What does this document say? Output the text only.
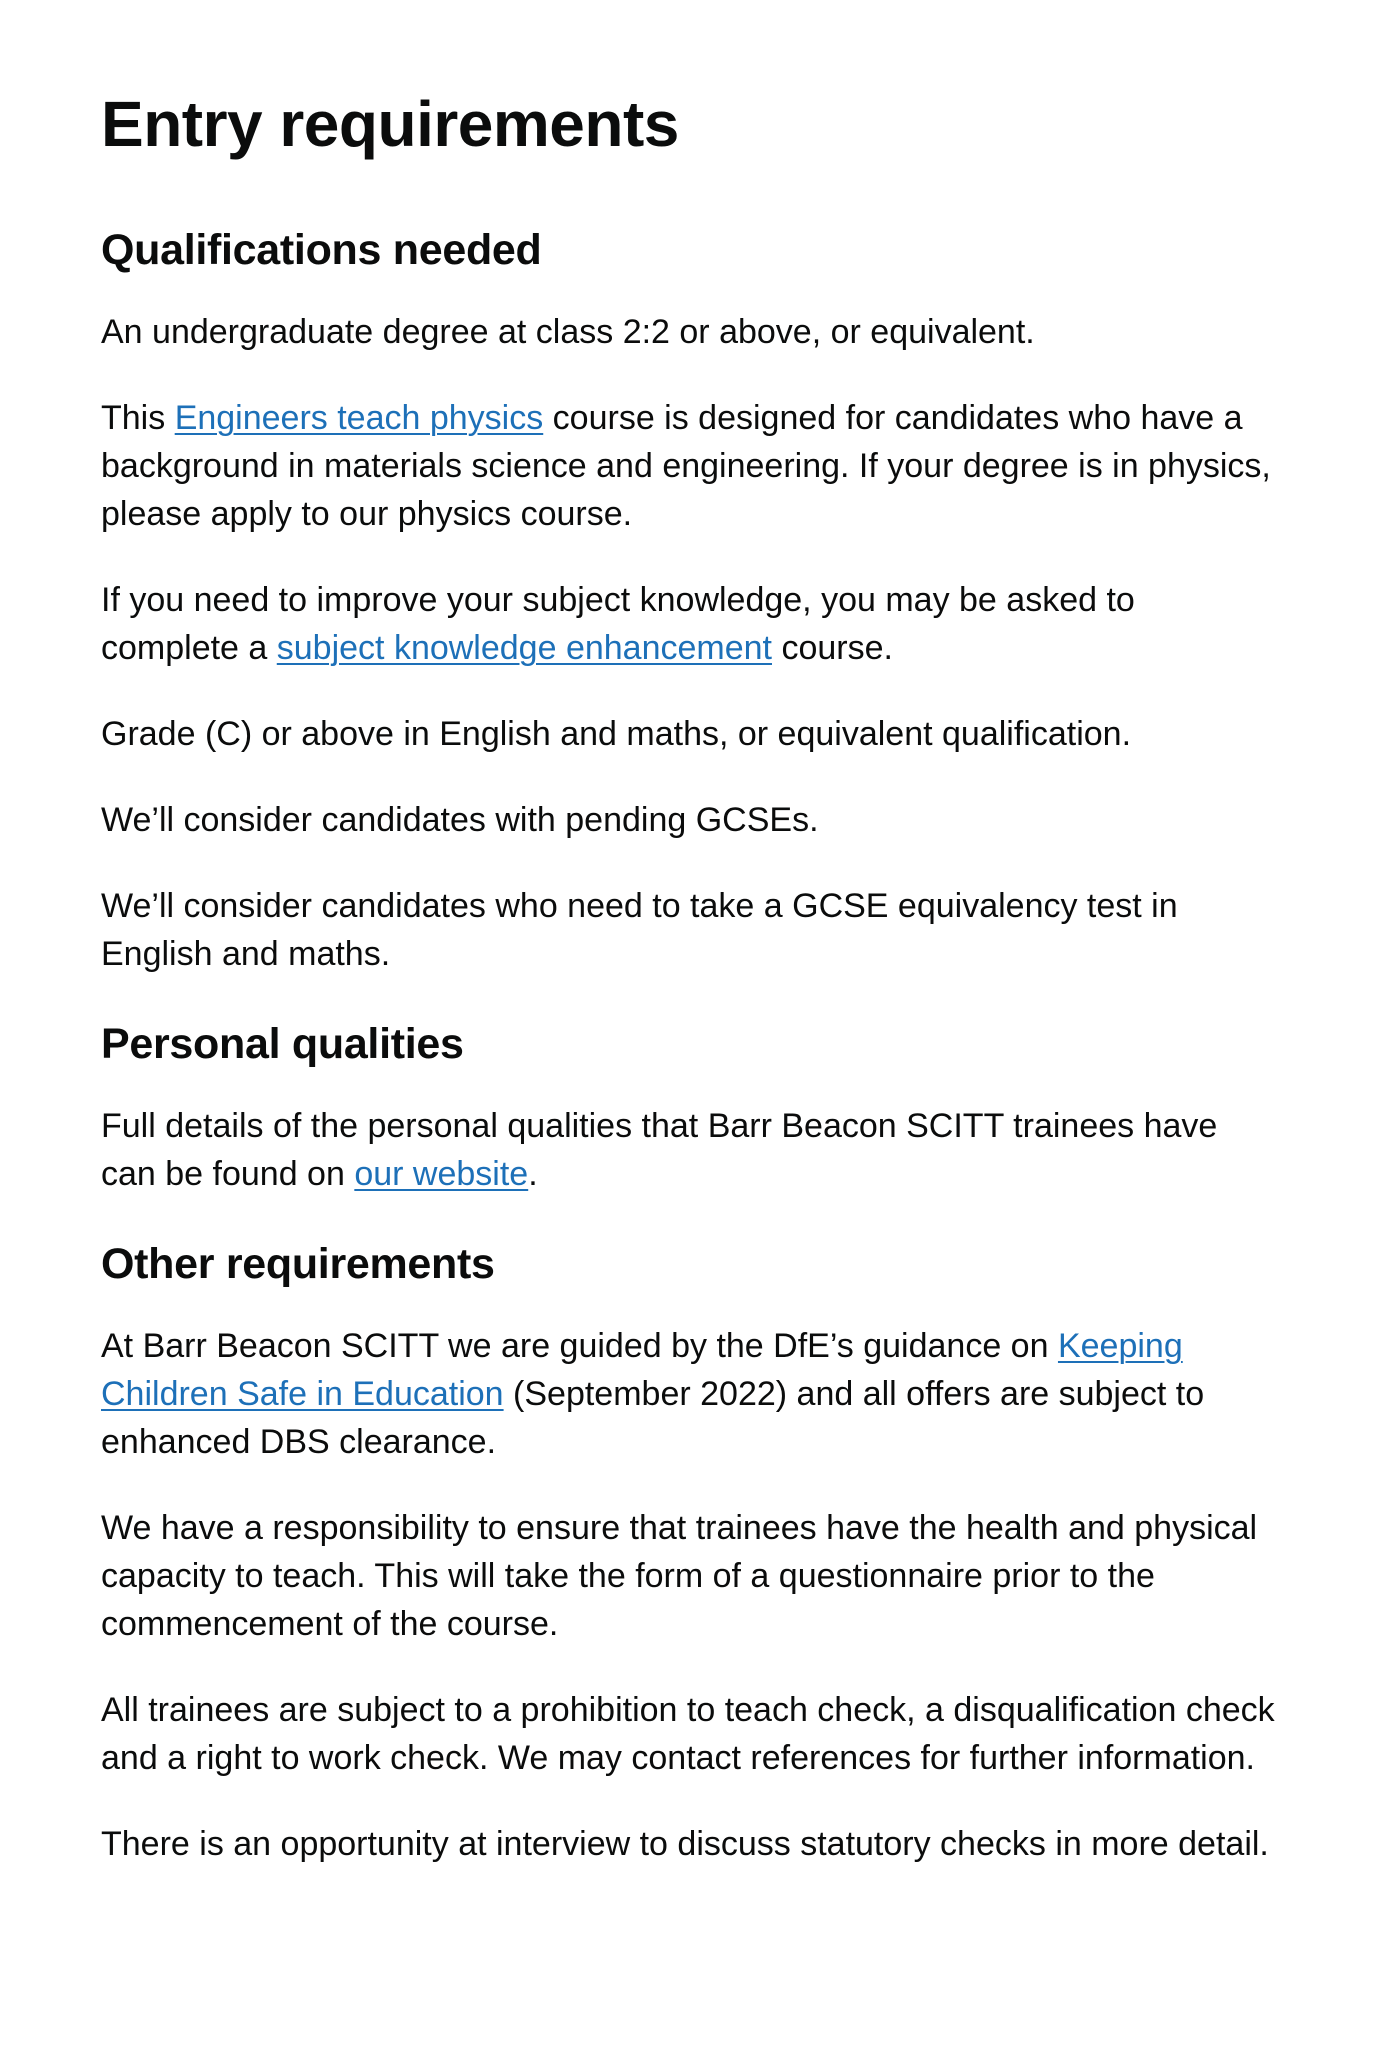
Entry requirements
Qualifications needed

An undergraduate degree at class 2:2 or above, or equivalent.

This Engineers teach physics course is designed for candidates who have a background in materials science and engineering. If your degree is in physics, please apply to our physics course.

If you need to improve your subject knowledge, you may be asked to complete a subject knowledge enhancement course.

Grade (C) or above in English and maths, or equivalent qualification.

We’ll consider candidates with pending GCSEs.

We’ll consider candidates who need to take a GCSE equivalency test in English and maths.

Personal qualities

Full details of the personal qualities that Barr Beacon SCITT trainees have can be found on our website.

Other requirements

At Barr Beacon SCITT we are guided by the DfE’s guidance on Keeping Children Safe in Education (September 2022) and all offers are subject to enhanced DBS clearance.

We have a responsibility to ensure that trainees have the health and physical capacity to teach. This will take the form of a questionnaire prior to the commencement of the course.

All trainees are subject to a prohibition to teach check, a disqualification check and a right to work check. We may contact references for further information.

There is an opportunity at interview to discuss statutory checks in more detail.
